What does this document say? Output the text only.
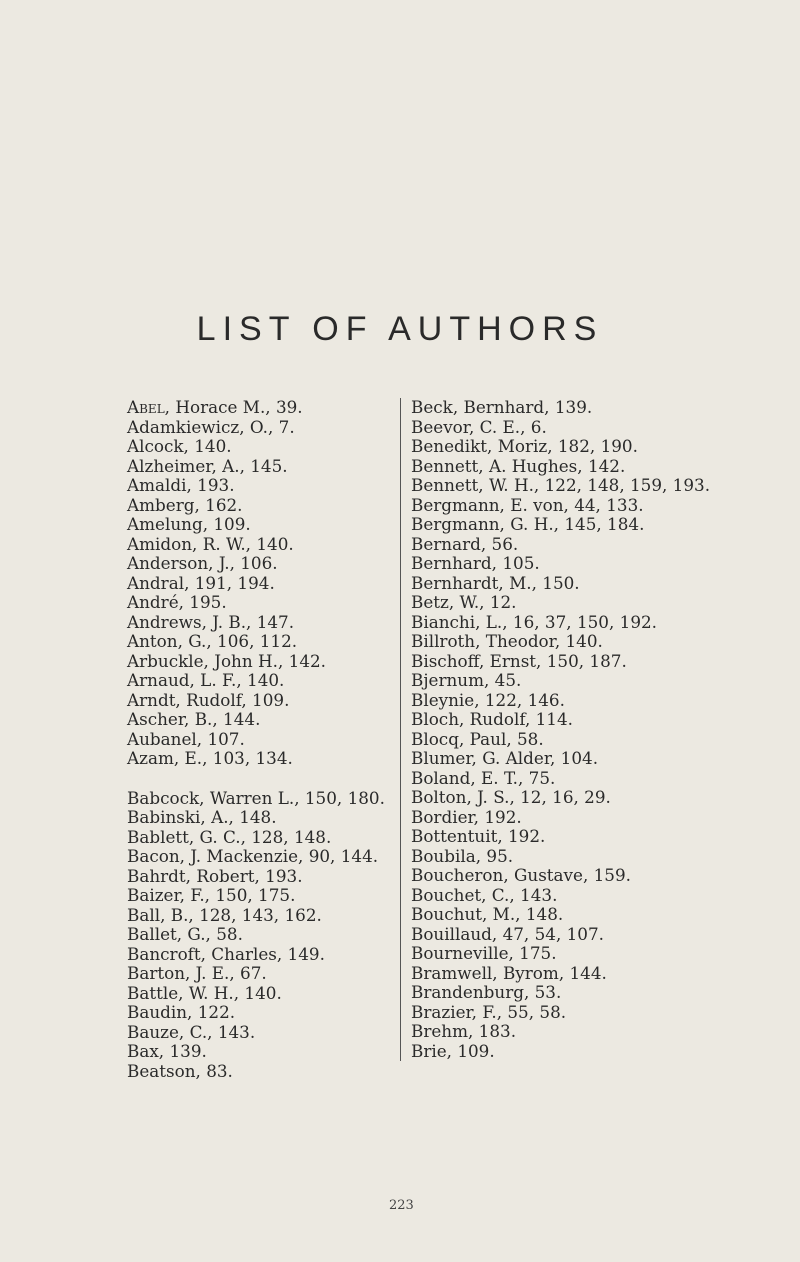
LIST OF AUTHORS
Abel, Horace M., 39.
Adamkiewicz, O., 7.
Alcock, 140.
Alzheimer, A., 145.
Amaldi, 193.
Amberg, 162.
Amelung, 109.
Amidon, R. W., 140.
Anderson, J., 106.
Andral, 191, 194.
André, 195.
Andrews, J. B., 147.
Anton, G., 106, 112.
Arbuckle, John H., 142.
Arnaud, L. F., 140.
Arndt, Rudolf, 109.
Ascher, B., 144.
Aubanel, 107.
Azam, E., 103, 134.
Babcock, Warren L., 150, 180.
Babinski, A., 148.
Bablett, G. C., 128, 148.
Bacon, J. Mackenzie, 90, 144.
Bahrdt, Robert, 193.
Baizer, F., 150, 175.
Ball, B., 128, 143, 162.
Ballet, G., 58.
Bancroft, Charles, 149.
Barton, J. E., 67.
Battle, W. H., 140.
Baudin, 122.
Bauze, C., 143.
Bax, 139.
Beatson, 83.
Beck, Bernhard, 139.
Beevor, C. E., 6.
Benedikt, Moriz, 182, 190.
Bennett, A. Hughes, 142.
Bennett, W. H., 122, 148, 159, 193.
Bergmann, E. von, 44, 133.
Bergmann, G. H., 145, 184.
Bernard, 56.
Bernhard, 105.
Bernhardt, M., 150.
Betz, W., 12.
Bianchi, L., 16, 37, 150, 192.
Billroth, Theodor, 140.
Bischoff, Ernst, 150, 187.
Bjernum, 45.
Bleynie, 122, 146.
Bloch, Rudolf, 114.
Blocq, Paul, 58.
Blumer, G. Alder, 104.
Boland, E. T., 75.
Bolton, J. S., 12, 16, 29.
Bordier, 192.
Bottentuit, 192.
Boubila, 95.
Boucheron, Gustave, 159.
Bouchet, C., 143.
Bouchut, M., 148.
Bouillaud, 47, 54, 107.
Bourneville, 175.
Bramwell, Byrom, 144.
Brandenburg, 53.
Brazier, F., 55, 58.
Brehm, 183.
Brie, 109.
223
